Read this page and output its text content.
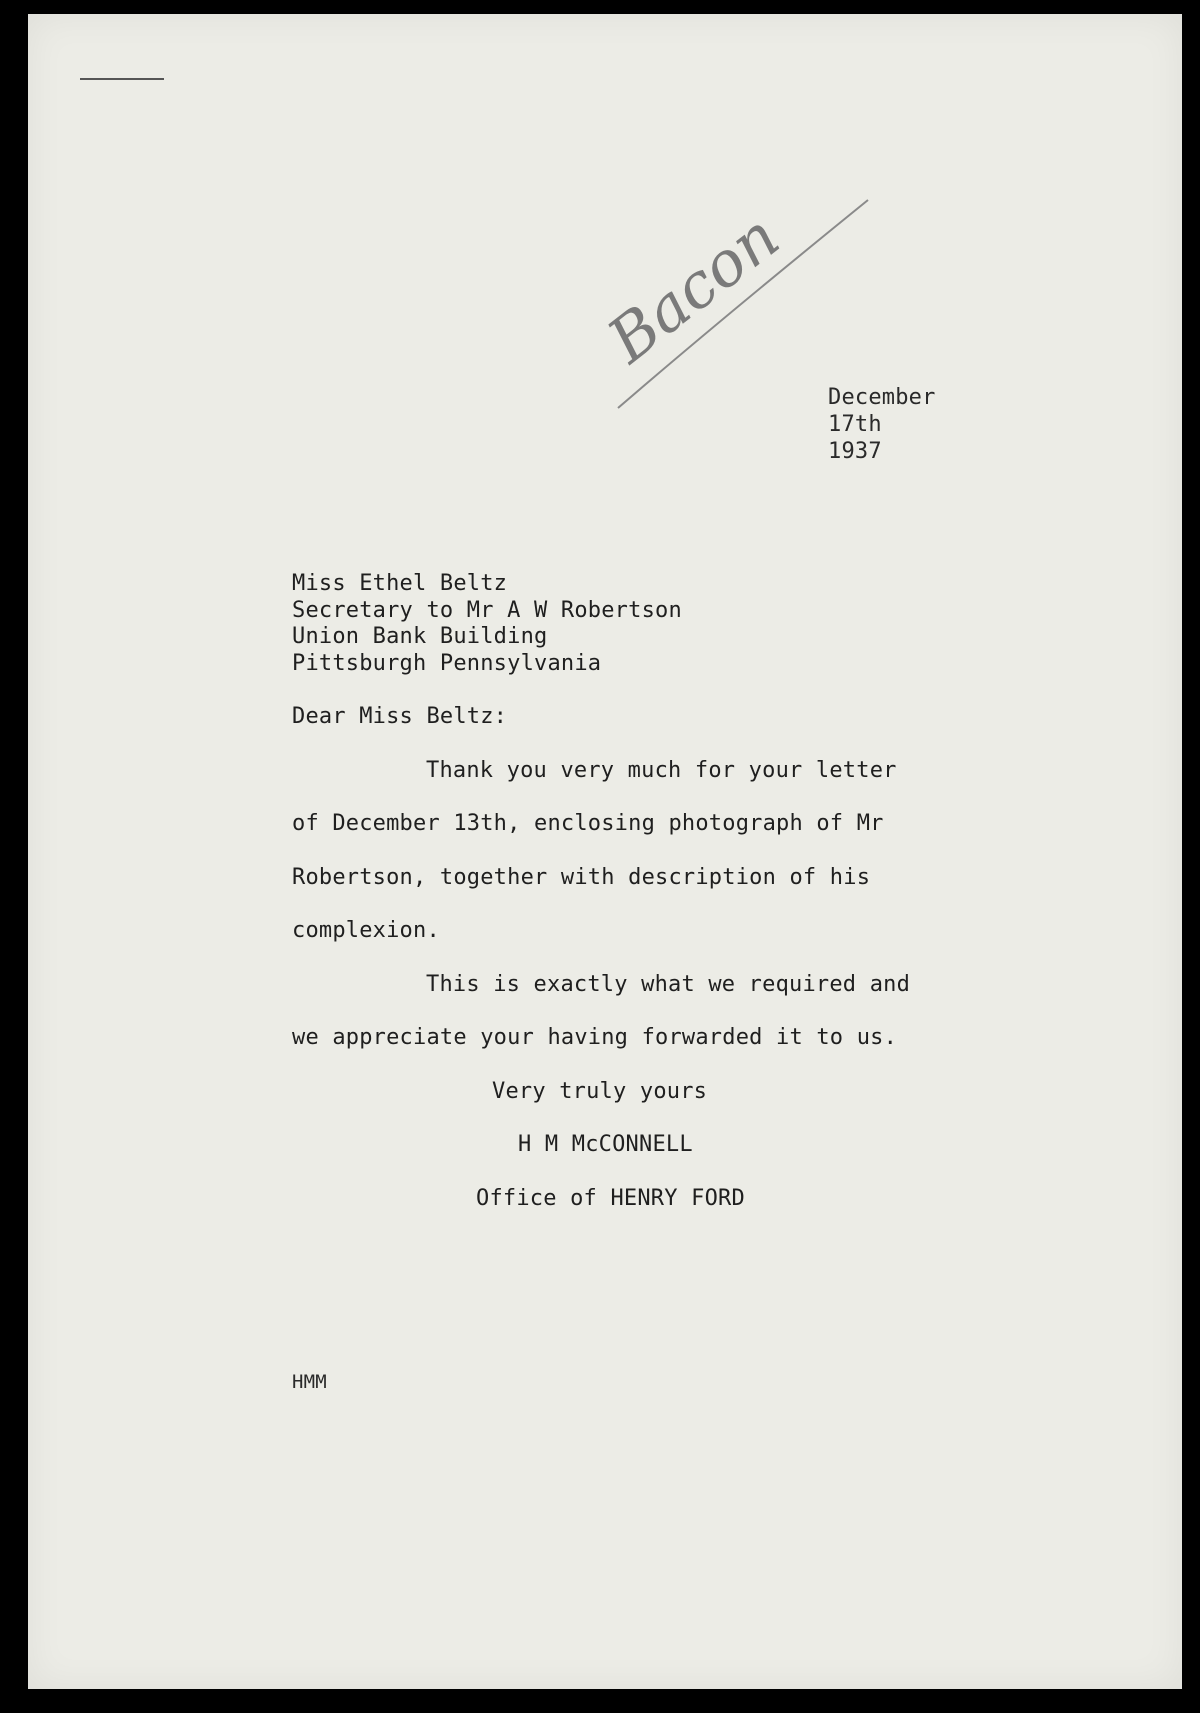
Bacon
December
17th
1937
Miss Ethel Beltz
Secretary to Mr A W Robertson
Union Bank Building
Pittsburgh Pennsylvania
Dear Miss Beltz:
Thank you very much for your letter
of December 13th, enclosing photograph of Mr
Robertson, together with description of his
complexion.
This is exactly what we required and
we appreciate your having forwarded it to us.
Very truly yours
H M McCONNELL
Office of HENRY FORD
HMM
